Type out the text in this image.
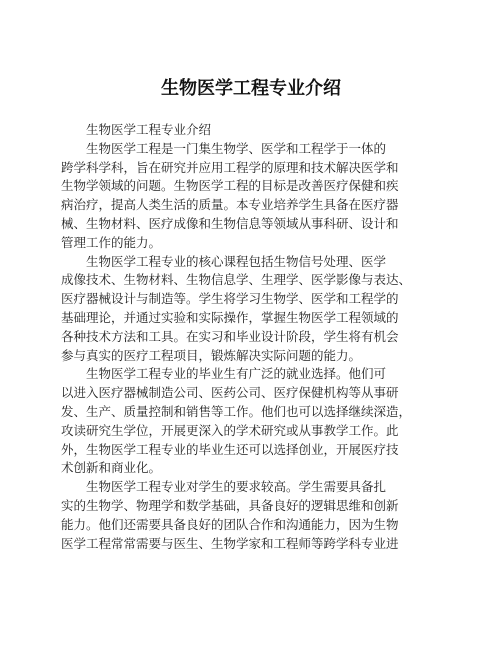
生物医学工程专业介绍
　　生物医学工程专业介绍
　　生物医学工程是一门集生物学、医学和工程学于一体的
跨学科学科，旨在研究并应用工程学的原理和技术解决医学和
生物学领域的问题。生物医学工程的目标是改善医疗保健和疾
病治疗，提高人类生活的质量。本专业培养学生具备在医疗器
械、生物材料、医疗成像和生物信息等领域从事科研、设计和
管理工作的能力。
　　生物医学工程专业的核心课程包括生物信号处理、医学
成像技术、生物材料、生物信息学、生理学、医学影像与表达、
医疗器械设计与制造等。学生将学习生物学、医学和工程学的
基础理论，并通过实验和实际操作，掌握生物医学工程领域的
各种技术方法和工具。在实习和毕业设计阶段，学生将有机会
参与真实的医疗工程项目，锻炼解决实际问题的能力。
　　生物医学工程专业的毕业生有广泛的就业选择。他们可
以进入医疗器械制造公司、医药公司、医疗保健机构等从事研
发、生产、质量控制和销售等工作。他们也可以选择继续深造，
攻读研究生学位，开展更深入的学术研究或从事教学工作。此
外，生物医学工程专业的毕业生还可以选择创业，开展医疗技
术创新和商业化。
　　生物医学工程专业对学生的要求较高。学生需要具备扎
实的生物学、物理学和数学基础，具备良好的逻辑思维和创新
能力。他们还需要具备良好的团队合作和沟通能力，因为生物
医学工程常常需要与医生、生物学家和工程师等跨学科专业进
